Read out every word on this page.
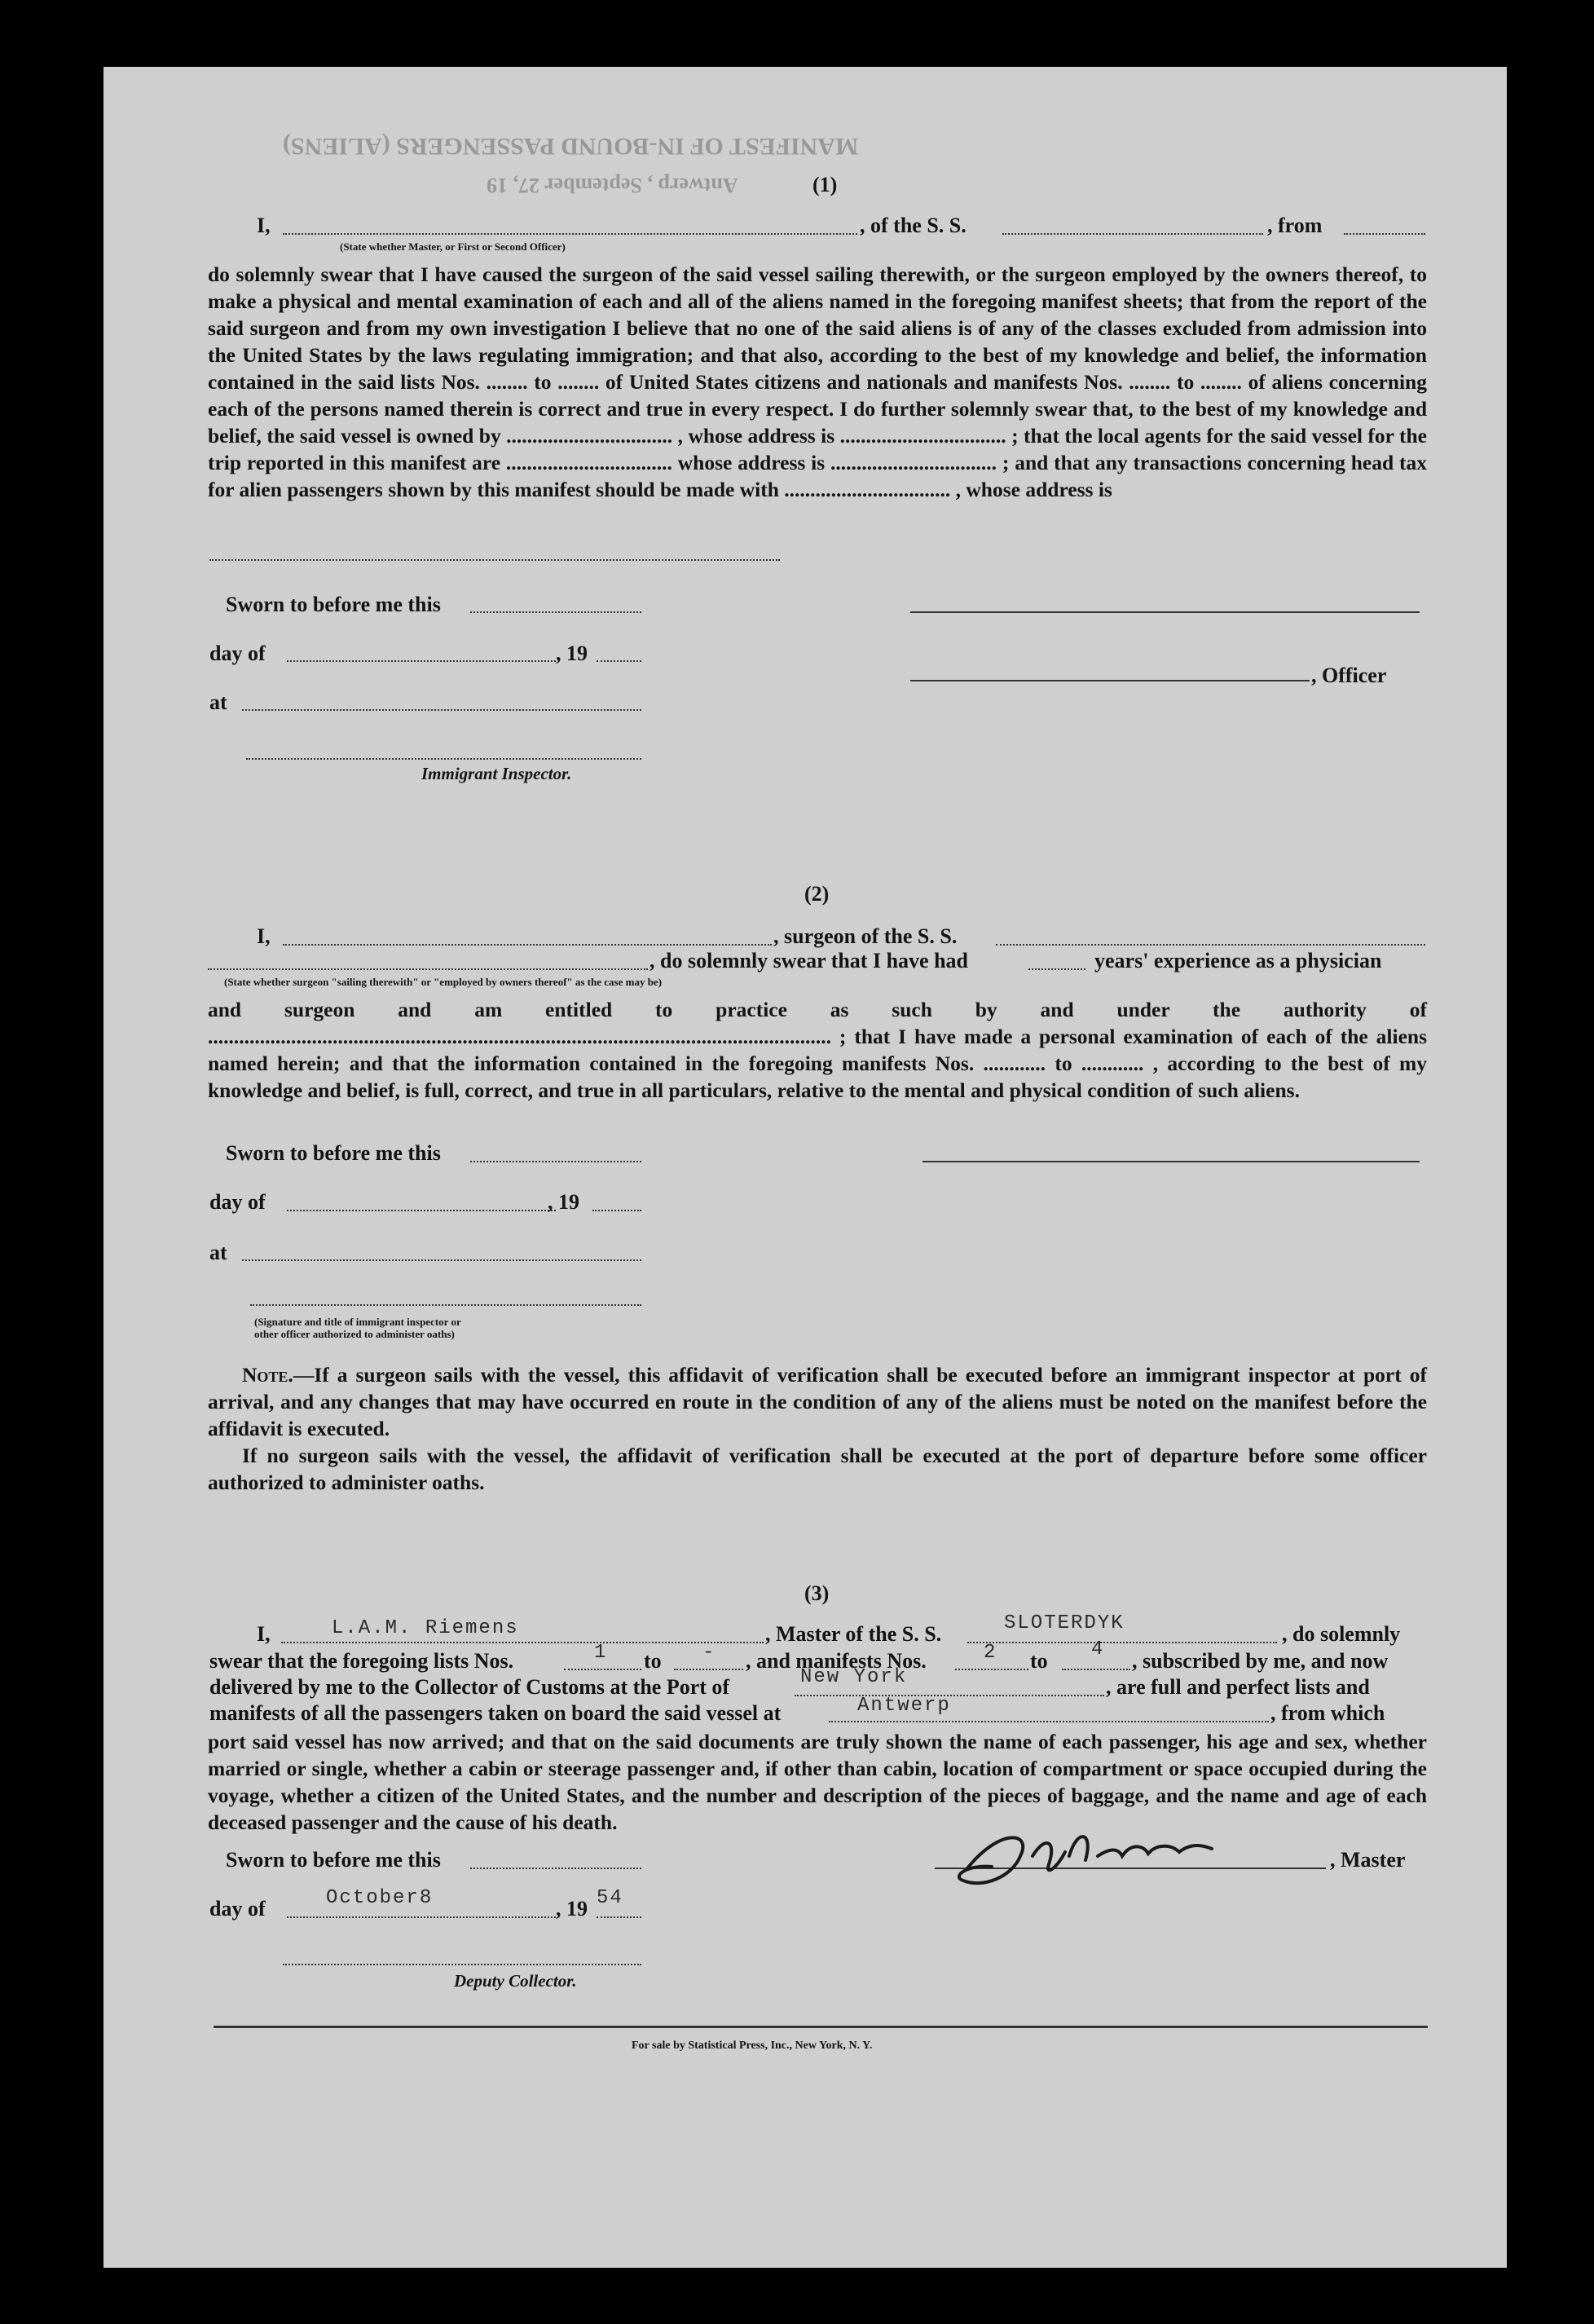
MANIFEST OF IN-BOUND PASSENGERS (ALIENS)
Antwerp , September 27, 19	(1)
I,	, of the S. S.	, from
(State whether Master, or First or Second Officer)
do solemnly swear that I have caused the surgeon of the said vessel sailing therewith, or the surgeon employed by the owners thereof, to make a physical and mental examination of each and all of the aliens named in the foregoing manifest sheets; that from the report of the said surgeon and from my own investigation I believe that no one of the said aliens is of any of the classes excluded from admission into the United States by the laws regulating immigration; and that also, according to the best of my knowledge and belief, the information contained in the said lists Nos. ........ to ........ of United States citizens and nationals and manifests Nos. ........ to ........ of aliens concerning each of the persons named therein is correct and true in every respect. I do further solemnly swear that, to the best of my knowledge and belief, the said vessel is owned by ................................ , whose address is ................................ ; that the local agents for the said vessel for the trip reported in this manifest are ................................ whose address is ................................ ; and that any transactions concerning head tax for alien passengers shown by this manifest should be made with ................................ , whose address is
Sworn to before me this
day of	, 19
, Officer
at
Immigrant Inspector.
(2)
I,	, surgeon of the S. S.
, do solemnly swear that I have had	years' experience as a physician
(State whether surgeon "sailing therewith" or "employed by owners thereof" as the case may be)
and surgeon and am entitled to practice as such by and under the authority of ........................................................................................................................ ; that I have made a personal examination of each of the aliens named herein; and that the information contained in the foregoing manifests Nos. ............ to ............ , according to the best of my knowledge and belief, is full, correct, and true in all particulars, relative to the mental and physical condition of such aliens.
Sworn to before me this
day of	, 19
at
(Signature and title of immigrant inspector or
other officer authorized to administer oaths)
Note.—If a surgeon sails with the vessel, this affidavit of verification shall be executed before an immigrant inspector at port of arrival, and any changes that may have occurred en route in the condition of any of the aliens must be noted on the manifest before the affidavit is executed.
If no surgeon sails with the vessel, the affidavit of verification shall be executed at the port of departure before some officer authorized to administer oaths.
(3)
I,	L.A.M. Riemens	, Master of the S. S.	SLOTERDYK	, do solemnly
swear that the foregoing lists Nos.	1 to - , and manifests Nos.	2 to 4 , subscribed by me, and now
delivered by me to the Collector of Customs at the Port of	New York	, are full and perfect lists and
manifests of all the passengers taken on board the said vessel at	Antwerp	, from which
port said vessel has now arrived; and that on the said documents are truly shown the name of each passenger, his age and sex, whether married or single, whether a cabin or steerage passenger and, if other than cabin, location of compartment or space occupied during the voyage, whether a citizen of the United States, and the number and description of the pieces of baggage, and the name and age of each deceased passenger and the cause of his death.
Sworn to before me this	, Master
day of	October8	, 19 54
Deputy Collector.
For sale by Statistical Press, Inc., New York, N. Y.
